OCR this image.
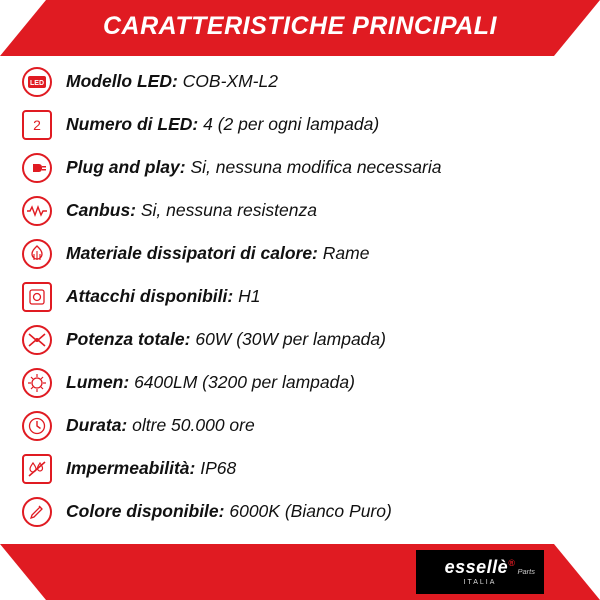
CARATTERISTICHE PRINCIPALI
LED Modello LED: COB-XM-L2
2 Numero di LED: 4 (2 per ogni lampada)
Plug and play: Si, nessuna modifica necessaria
Canbus: Si, nessuna resistenza
Materiale dissipatori di calore: Rame
Attacchi disponibili: H1
Potenza totale: 60W (30W per lampada)
Lumen: 6400LM (3200 per lampada)
Durata: oltre 50.000 ore
Impermeabilità: IP68
Colore disponibile: 6000K (Bianco Puro)
essellè®
ITALIA
Parts
